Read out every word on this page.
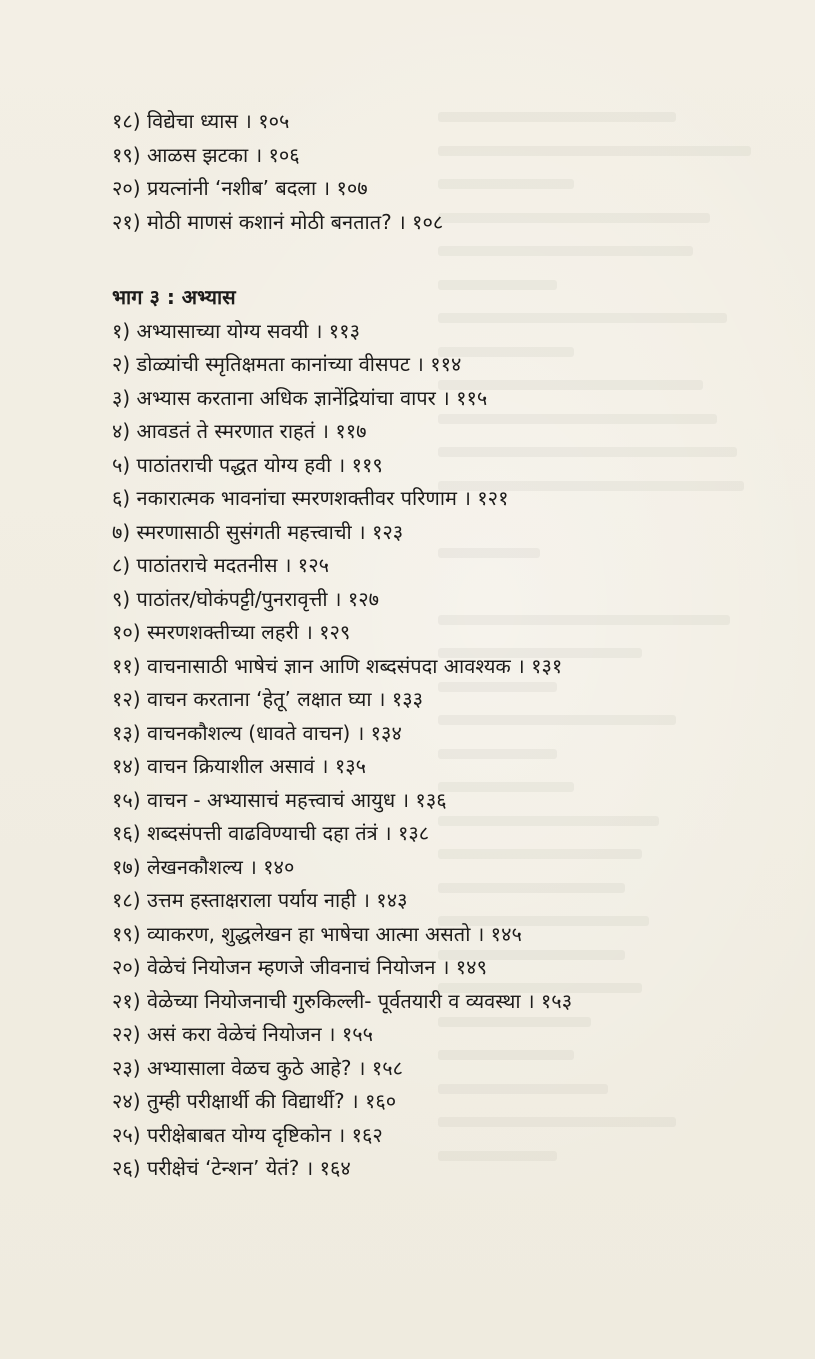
१८) विद्येचा ध्यास । १०५
१९) आळस झटका । १०६
२०) प्रयत्नांनी ‘नशीब’ बदला । १०७
२१) मोठी माणसं कशानं मोठी बनतात? । १०८
भाग ३ : अभ्यास
१) अभ्यासाच्या योग्य सवयी । ११३
२) डोळ्यांची स्मृतिक्षमता कानांच्या वीसपट । ११४
३) अभ्यास करताना अधिक ज्ञानेंद्रियांचा वापर । ११५
४) आवडतं ते स्मरणात राहतं । ११७
५) पाठांतराची पद्धत योग्य हवी । ११९
६) नकारात्मक भावनांचा स्मरणशक्तीवर परिणाम । १२१
७) स्मरणासाठी सुसंगती महत्त्वाची । १२३
८) पाठांतराचे मदतनीस । १२५
९) पाठांतर/घोकंपट्टी/पुनरावृत्ती । १२७
१०) स्मरणशक्तीच्या लहरी । १२९
११) वाचनासाठी भाषेचं ज्ञान आणि शब्दसंपदा आवश्यक । १३१
१२) वाचन करताना ‘हेतू’ लक्षात घ्या । १३३
१३) वाचनकौशल्य (धावते वाचन) । १३४
१४) वाचन क्रियाशील असावं । १३५
१५) वाचन - अभ्यासाचं महत्त्वाचं आयुध । १३६
१६) शब्दसंपत्ती वाढविण्याची दहा तंत्रं । १३८
१७) लेखनकौशल्य । १४०
१८) उत्तम हस्ताक्षराला पर्याय नाही । १४३
१९) व्याकरण, शुद्धलेखन हा भाषेचा आत्मा असतो । १४५
२०) वेळेचं नियोजन म्हणजे जीवनाचं नियोजन । १४९
२१) वेळेच्या नियोजनाची गुरुकिल्ली- पूर्वतयारी व व्यवस्था । १५३
२२) असं करा वेळेचं नियोजन । १५५
२३) अभ्यासाला वेळच कुठे आहे? । १५८
२४) तुम्ही परीक्षार्थी की विद्यार्थी? । १६०
२५) परीक्षेबाबत योग्य दृष्टिकोन । १६२
२६) परीक्षेचं ‘टेन्शन’ येतं? । १६४
